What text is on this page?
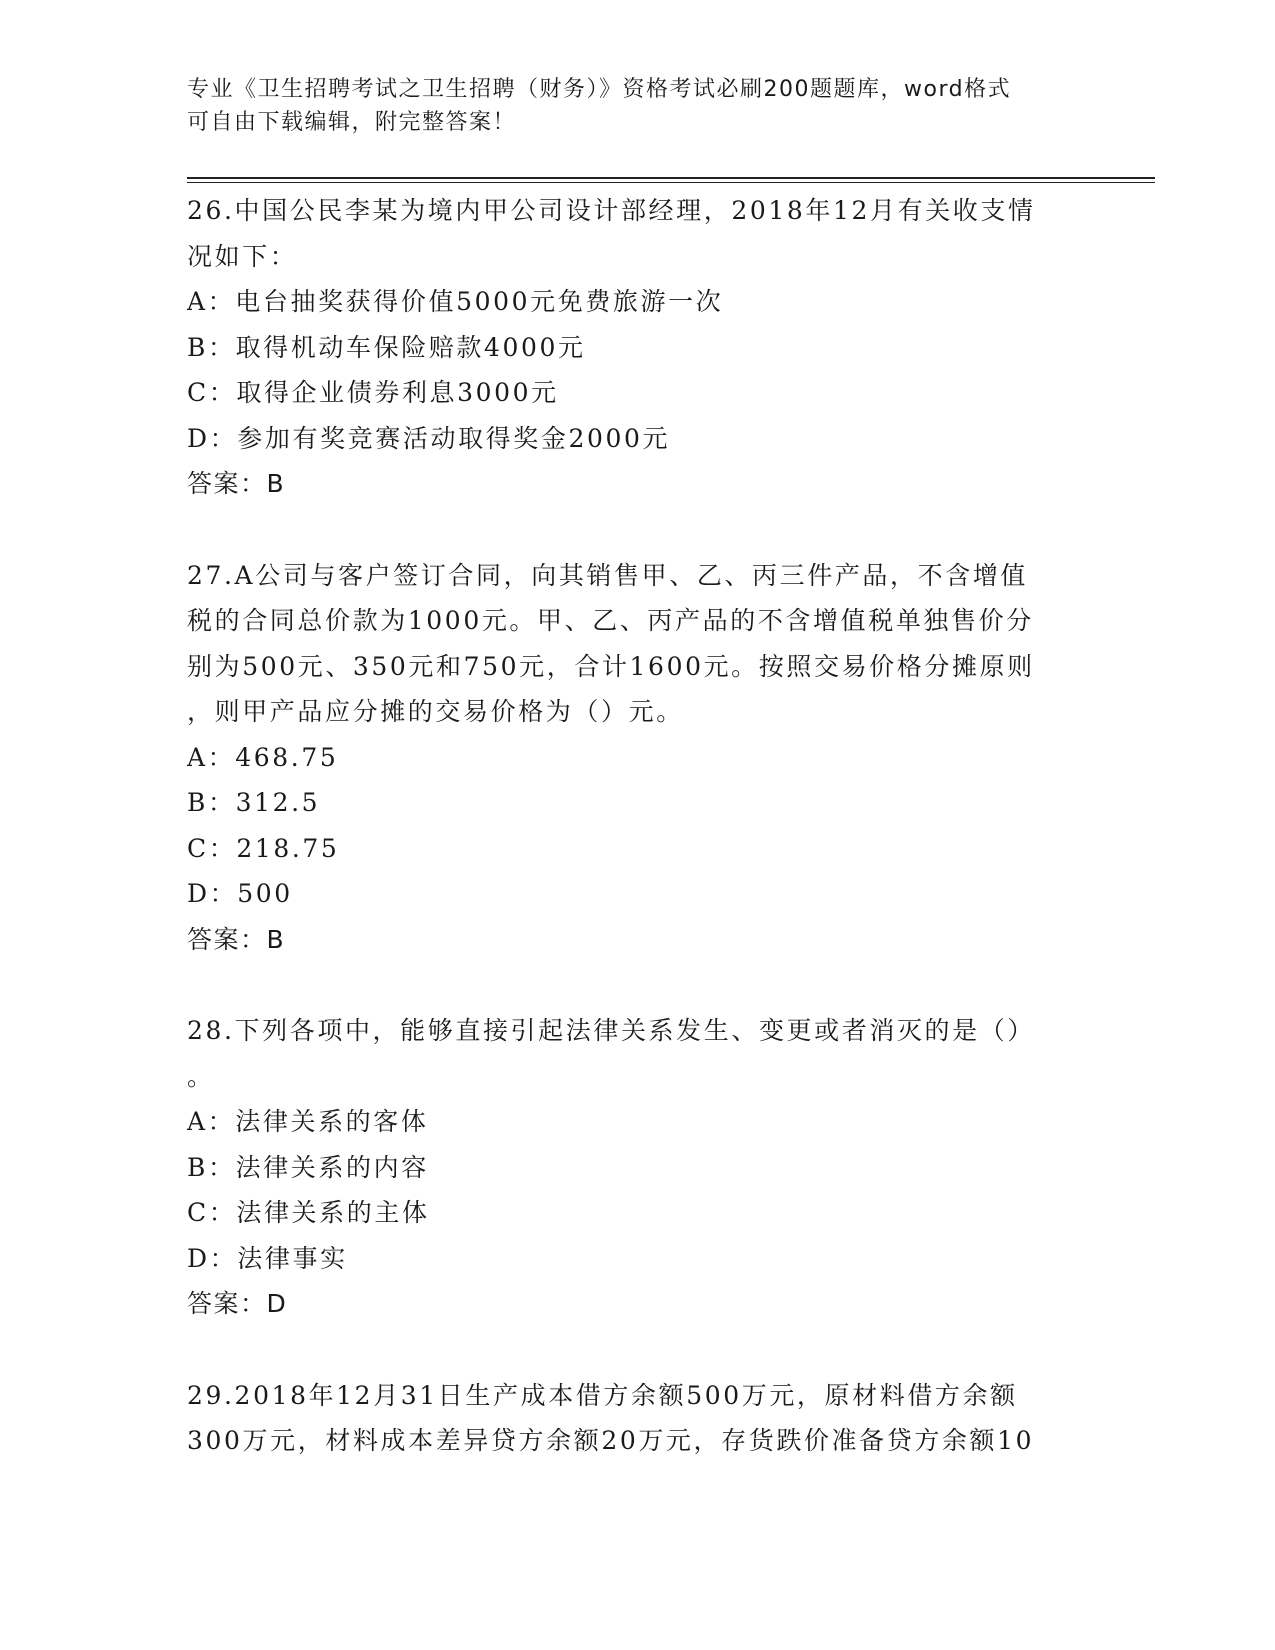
专业《卫生招聘考试之卫生招聘（财务）》资格考试必刷200题题库，word格式
可自由下载编辑，附完整答案！
26.中国公民李某为境内甲公司设计部经理，2018年12月有关收支情
况如下：
A：电台抽奖获得价值5000元免费旅游一次
B：取得机动车保险赔款4000元
C：取得企业债券利息3000元
D：参加有奖竞赛活动取得奖金2000元
答案：B
27.A公司与客户签订合同，向其销售甲、乙、丙三件产品，不含增值
税的合同总价款为1000元。甲、乙、丙产品的不含增值税单独售价分
别为500元、350元和750元，合计1600元。按照交易价格分摊原则
，则甲产品应分摊的交易价格为（）元。
A：468.75
B：312.5
C：218.75
D：500
答案：B
28.下列各项中，能够直接引起法律关系发生、变更或者消灭的是（）
。
A：法律关系的客体
B：法律关系的内容
C：法律关系的主体
D：法律事实
答案：D
29.2018年12月31日生产成本借方余额500万元，原材料借方余额
300万元，材料成本差异贷方余额20万元，存货跌价准备贷方余额10
